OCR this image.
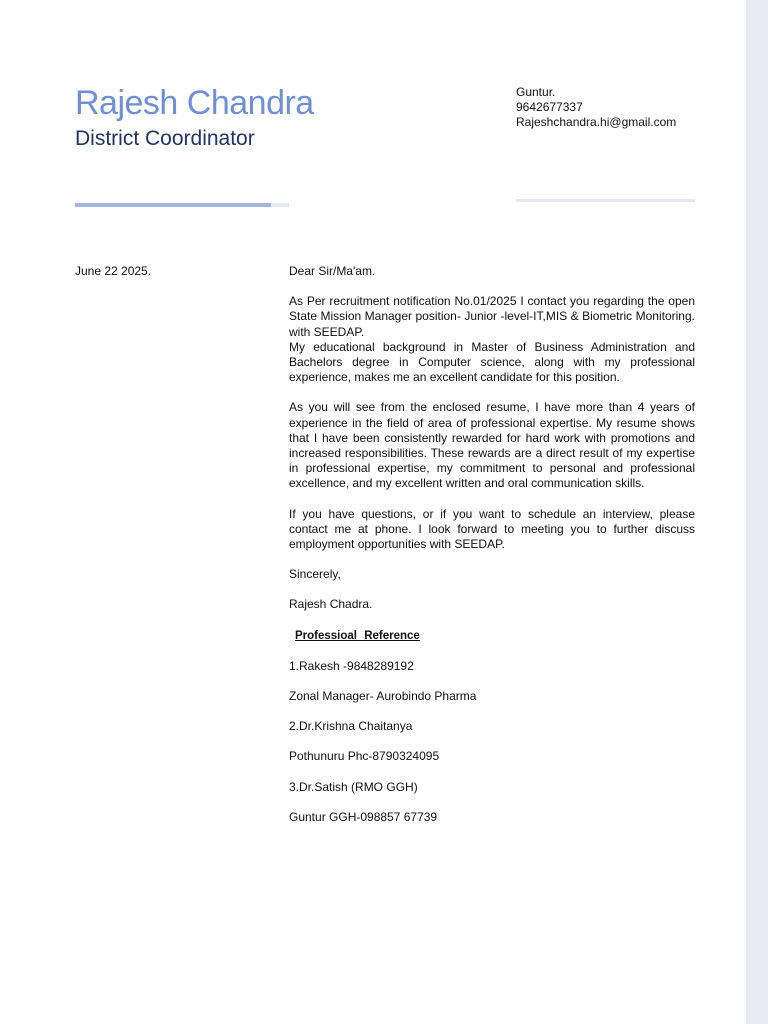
Rajesh Chandra
District Coordinator
Guntur.
9642677337
Rajeshchandra.hi@gmail.com
June 22 2025.	Dear Sir/Ma'am.

As Per recruitment notification No.01/2025 I contact you regarding the open State Mission Manager position- Junior -level-IT,MIS & Biometric Monitoring. with SEEDAP.
My educational background in Master of Business Administration and Bachelors degree in Computer science, along with my professional experience, makes me an excellent candidate for this position.

As you will see from the enclosed resume, I have more than 4 years of experience in the field of area of professional expertise. My resume shows that I have been consistently rewarded for hard work with promotions and increased responsibilities. These rewards are a direct result of my expertise in professional expertise, my commitment to personal and professional excellence, and my excellent written and oral communication skills.

If you have questions, or if you want to schedule an interview, please contact me at phone. I look forward to meeting you to further discuss employment opportunities with SEEDAP.

Sincerely,

Rajesh Chadra.

Professioal Reference

1.Rakesh -9848289192

Zonal Manager- Aurobindo Pharma

2.Dr.Krishna Chaitanya

Pothunuru Phc-8790324095

3.Dr.Satish (RMO GGH)

Guntur GGH-098857 67739
